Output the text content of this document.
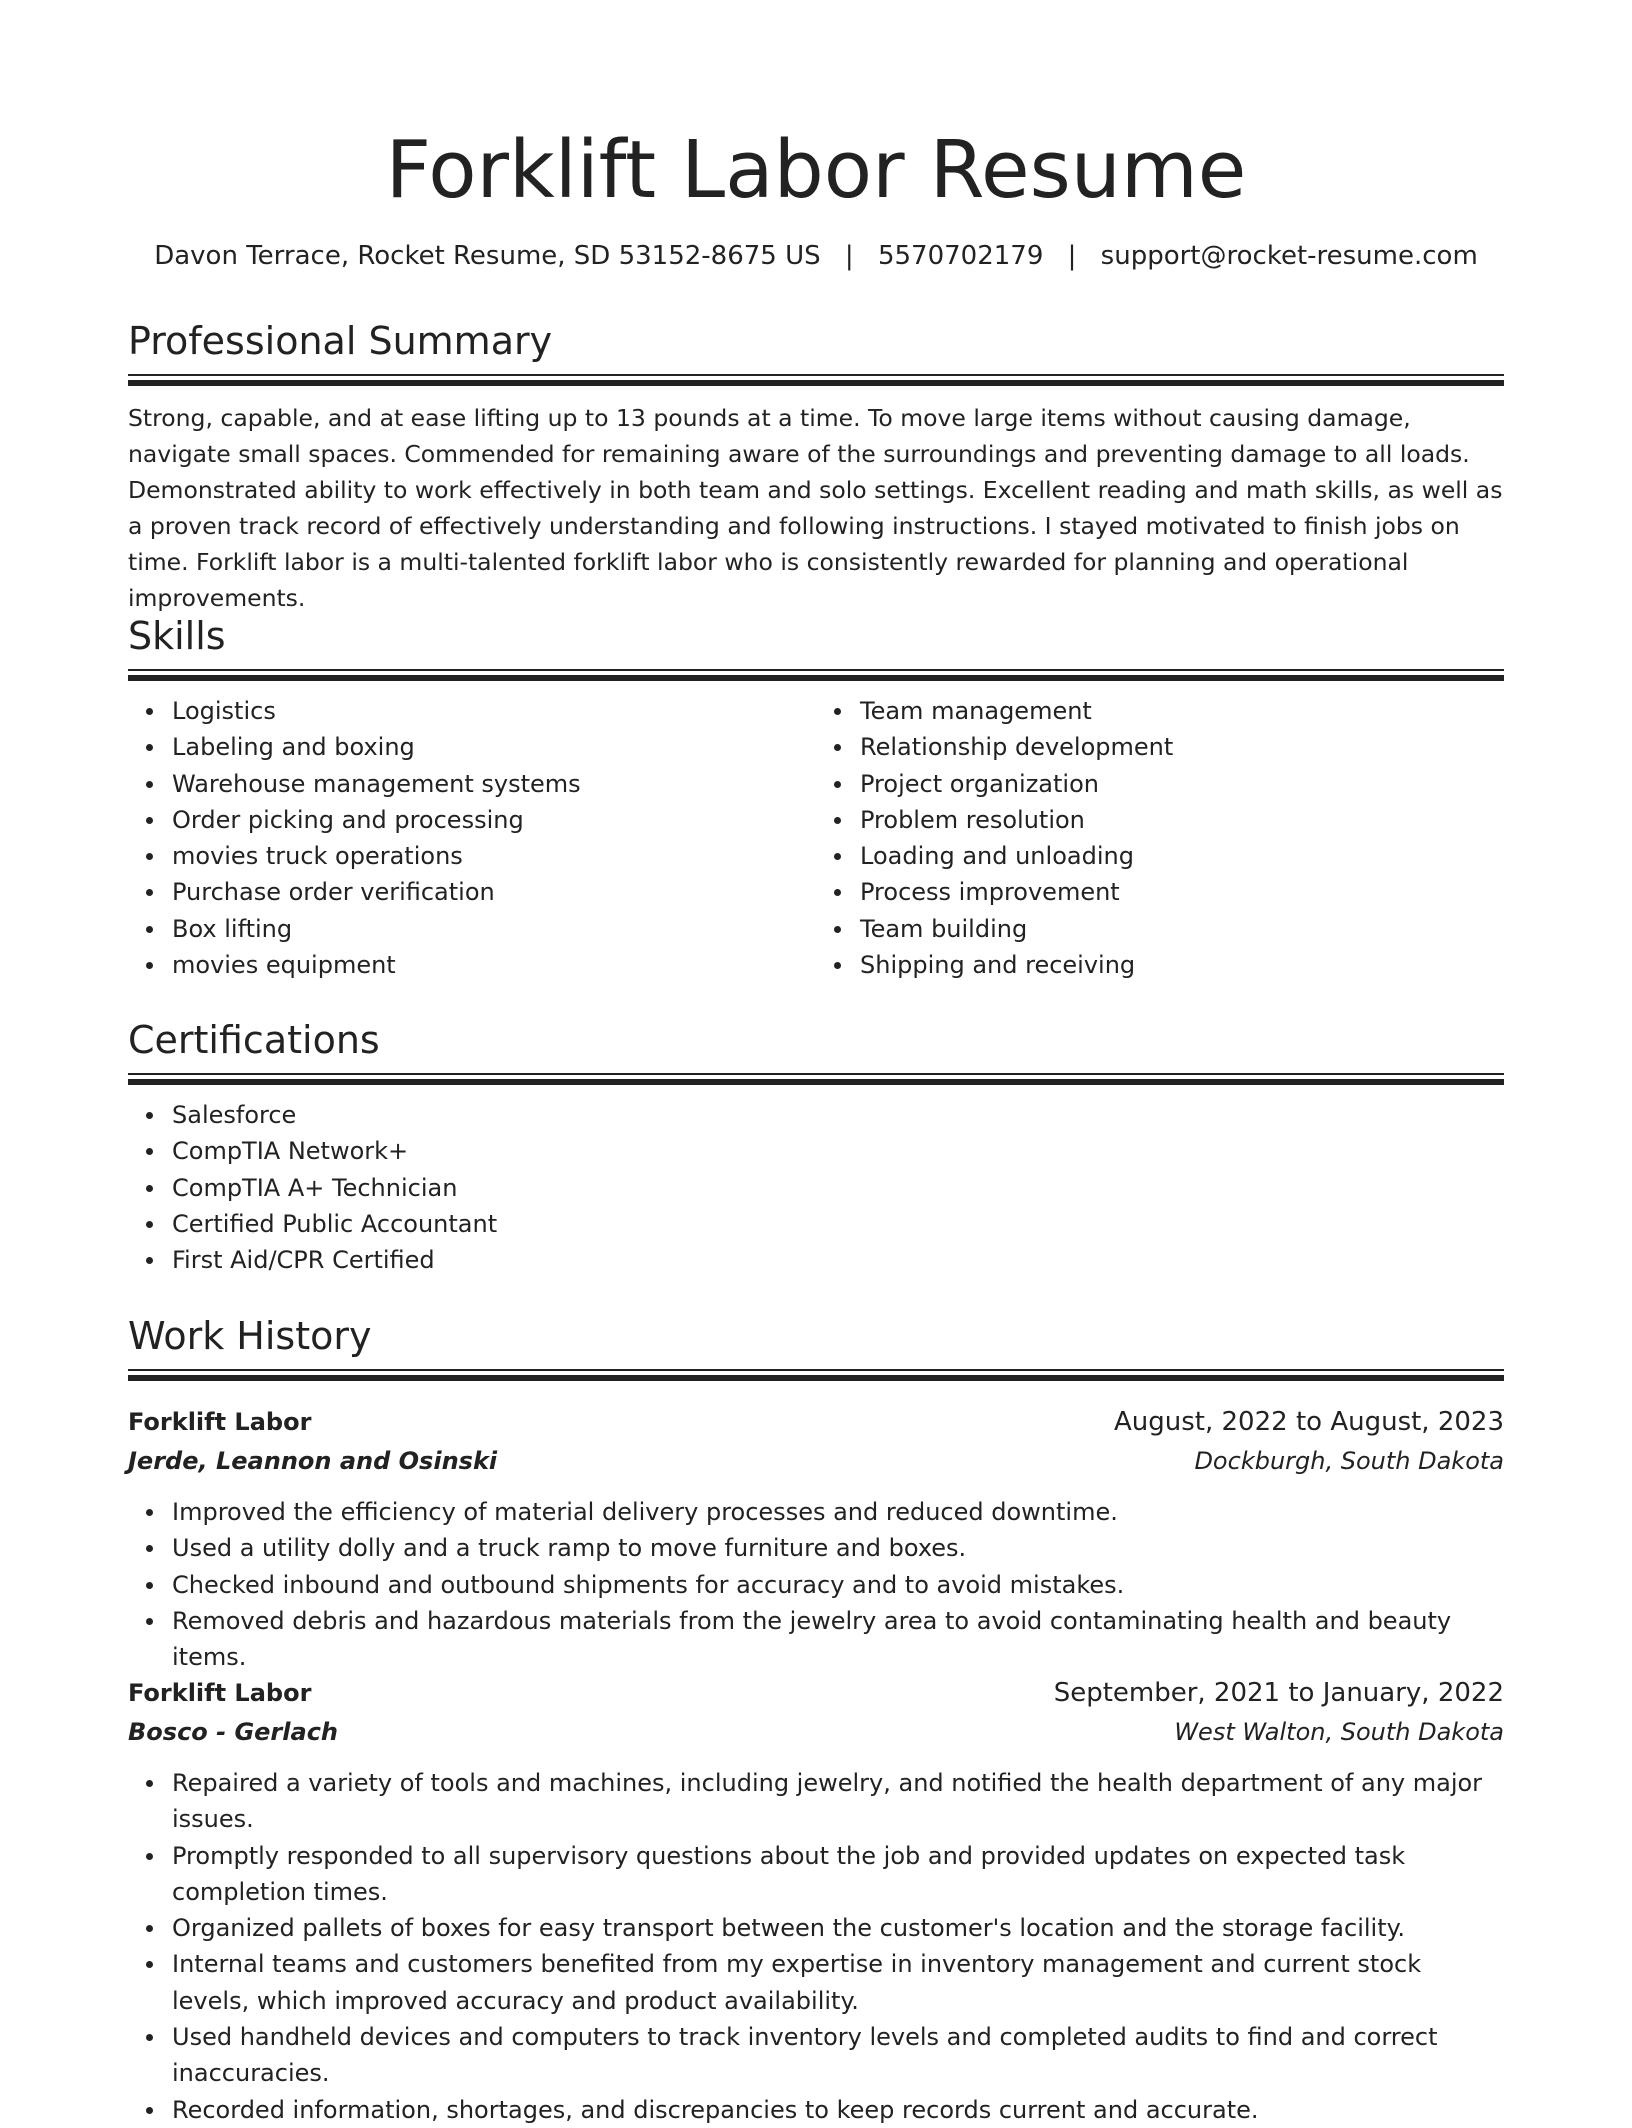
Forklift Labor Resume
Davon Terrace, Rocket Resume, SD 53152-8675 US | 5570702179 | support@rocket-resume.com
Professional Summary

Strong, capable, and at ease lifting up to 13 pounds at a time. To move large items without causing damage, navigate small spaces. Commended for remaining aware of the surroundings and preventing damage to all loads. Demonstrated ability to work effectively in both team and solo settings. Excellent reading and math skills, as well as a proven track record of effectively understanding and following instructions. I stayed motivated to finish jobs on time. Forklift labor is a multi-talented forklift labor who is consistently rewarded for planning and operational improvements.

Skills
Logistics
Labeling and boxing
Warehouse management systems
Order picking and processing
movies truck operations
Purchase order verification
Box lifting
movies equipment
Team management
Relationship development
Project organization
Problem resolution
Loading and unloading
Process improvement
Team building
Shipping and receiving
Certifications
Salesforce
CompTIA Network+
CompTIA A+ Technician
Certified Public Accountant
First Aid/CPR Certified
Work History
Forklift Labor	August, 2022 to August, 2023
Jerde, Leannon and Osinski	Dockburgh, South Dakota
Improved the efficiency of material delivery processes and reduced downtime.
Used a utility dolly and a truck ramp to move furniture and boxes.
Checked inbound and outbound shipments for accuracy and to avoid mistakes.
Removed debris and hazardous materials from the jewelry area to avoid contaminating health and beauty items.
Forklift Labor	September, 2021 to January, 2022
Bosco - Gerlach	West Walton, South Dakota
Repaired a variety of tools and machines, including jewelry, and notified the health department of any major issues.
Promptly responded to all supervisory questions about the job and provided updates on expected task completion times.
Organized pallets of boxes for easy transport between the customer's location and the storage facility.
Internal teams and customers benefited from my expertise in inventory management and current stock levels, which improved accuracy and product availability.
Used handheld devices and computers to track inventory levels and completed audits to find and correct inaccuracies.
Recorded information, shortages, and discrepancies to keep records current and accurate.
